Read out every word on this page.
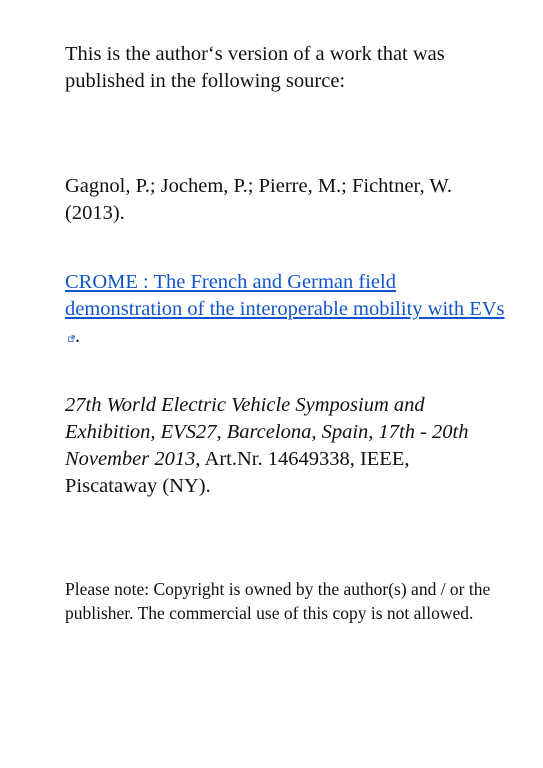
This is the author‘s version of a work that was published in the following source:
Gagnol, P.; Jochem, P.; Pierre, M.; Fichtner, W. (2013).
CROME : The French and German field demonstration of the interoperable mobility with EVs.
27th World Electric Vehicle Symposium and Exhibition, EVS27, Barcelona, Spain, 17th - 20th November 2013, Art.Nr. 14649338, IEEE, Piscataway (NY).
Please note: Copyright is owned by the author(s) and / or the publisher. The commercial use of this copy is not allowed.
